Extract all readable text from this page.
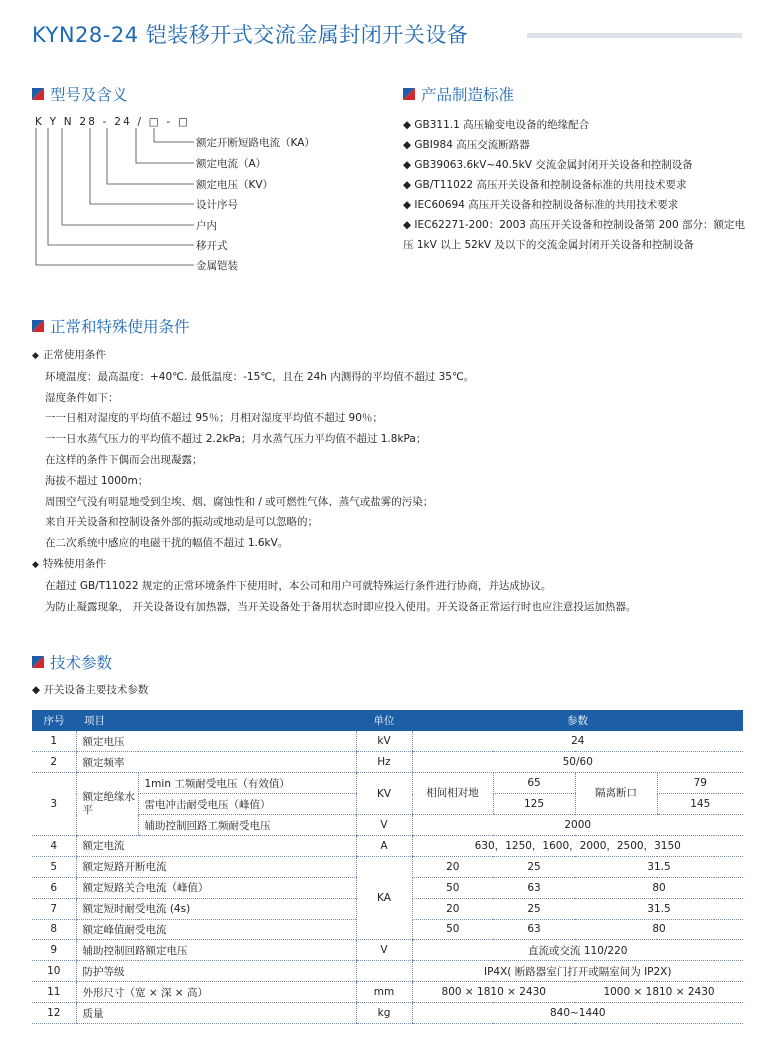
KYN28-24 铠装移开式交流金属封闭开关设备
型号及含义
K Y N 28 - 24 / □ - □
额定开断短路电流（KA）
额定电流（A）
额定电压（KV）
设计序号
户内
移开式
金属铠装
产品制造标准
◆ GB311.1 高压输变电设备的绝缘配合
◆ GBI984 高压交流断路器
◆ GB39063.6kV~40.5kV 交流金属封闭开关设备和控制设备
◆ GB/T11022 高压开关设备和控制设备标准的共用技术要求
◆ IEC60694 高压开关设备和控制设备标准的共用技术要求
◆ IEC62271-200：2003 高压开关设备和控制设备第 200 部分：额定电压 1kV 以上 52kV 及以下的交流金属封闭开关设备和控制设备
正常和特殊使用条件
◆ 正常使用条件
环境温度：最高温度：+40℃. 最低温度：-15℃，且在 24h 内测得的平均值不超过 35℃。
湿度条件如下：
一一日相对湿度的平均值不超过 95％；月相对湿度平均值不超过 90％；
一一日水蒸气压力的平均值不超过 2.2kPa；月水蒸气压力平均值不超过 1.8kPa；
在这样的条件下偶而会出现凝露；
海拔不超过 1000m；
周围空气没有明显地受到尘埃、烟、腐蚀性和 / 或可燃性气体、蒸气或盐雾的污染；
来自开关设备和控制设备外部的振动或地动是可以忽略的；
在二次系统中感应的电磁干扰的幅值不超过 1.6kV。
◆ 特殊使用条件
在超过 GB/T11022 规定的正常环境条件下使用时，本公司和用户可就特殊运行条件进行协商，并达成协议。
为防止凝露现象， 开关设备设有加热器，当开关设备处于备用状态时即应投入使用。开关设备正常运行时也应注意投运加热器。
技术参数
◆ 开关设备主要技术参数
序号	项目		单位	参数			
1	额定电压		kV	24			
2	额定频率		Hz	50/60			
3	额定绝缘水平	1min 工频耐受电压（有效值）	KV	相间相对地	65	隔离断口	79
		雷电冲击耐受电压（峰值）			125		145
		辅助控制回路工频耐受电压	V	2000			
4	额定电流		A	630，1250，1600，2000，2500，3150			
5	额定短路开断电流		KA	20	25	31.5	
6	额定短路关合电流（峰值）			50	63	80	
7	额定短时耐受电流 (4s)			20	25	31.5	
8	额定峰值耐受电流			50	63	80	
9	辅助控制回路额定电压		V	直流或交流 110/220			
10	防护等级			IP4X( 断路器室门打开或隔室间为 IP2X)			
11	外形尺寸（宽 × 深 × 高）		mm	800 × 1810 × 2430		1000 × 1810 × 2430	
12	质量		kg	840~1440			
